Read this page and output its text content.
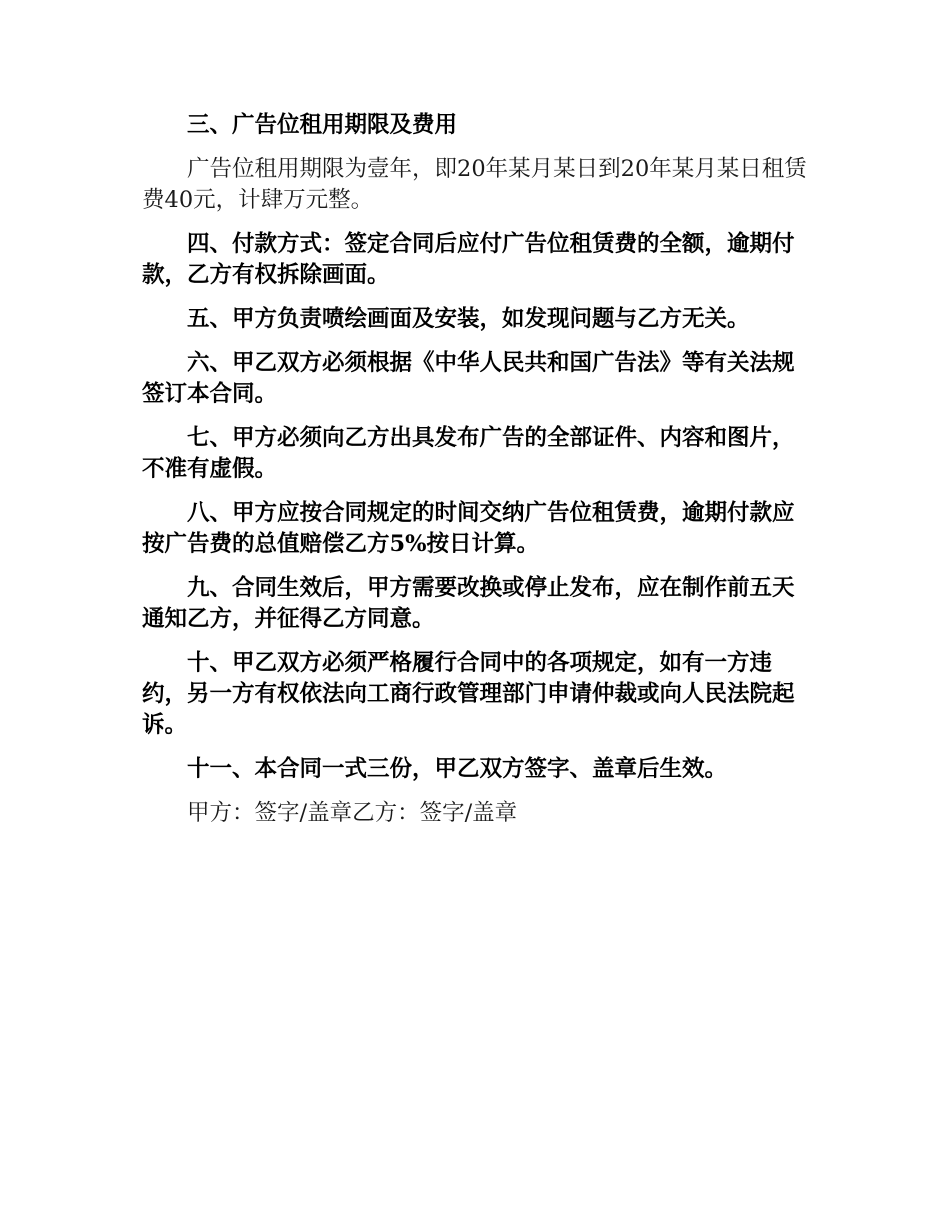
三、广告位租用期限及费用

广告位租用期限为壹年，即20年某月某日到20年某月某日租赁费40元，计肆万元整。

四、付款方式：签定合同后应付广告位租赁费的全额，逾期付款，乙方有权拆除画面。

五、甲方负责喷绘画面及安装，如发现问题与乙方无关。

六、甲乙双方必须根据《中华人民共和国广告法》等有关法规签订本合同。

七、甲方必须向乙方出具发布广告的全部证件、内容和图片，不准有虚假。

八、甲方应按合同规定的时间交纳广告位租赁费，逾期付款应按广告费的总值赔偿乙方5%按日计算。

九、合同生效后，甲方需要改换或停止发布，应在制作前五天通知乙方，并征得乙方同意。

十、甲乙双方必须严格履行合同中的各项规定，如有一方违约，另一方有权依法向工商行政管理部门申请仲裁或向人民法院起诉。

十一、本合同一式三份，甲乙双方签字、盖章后生效。

甲方：签字/盖章乙方：签字/盖章
